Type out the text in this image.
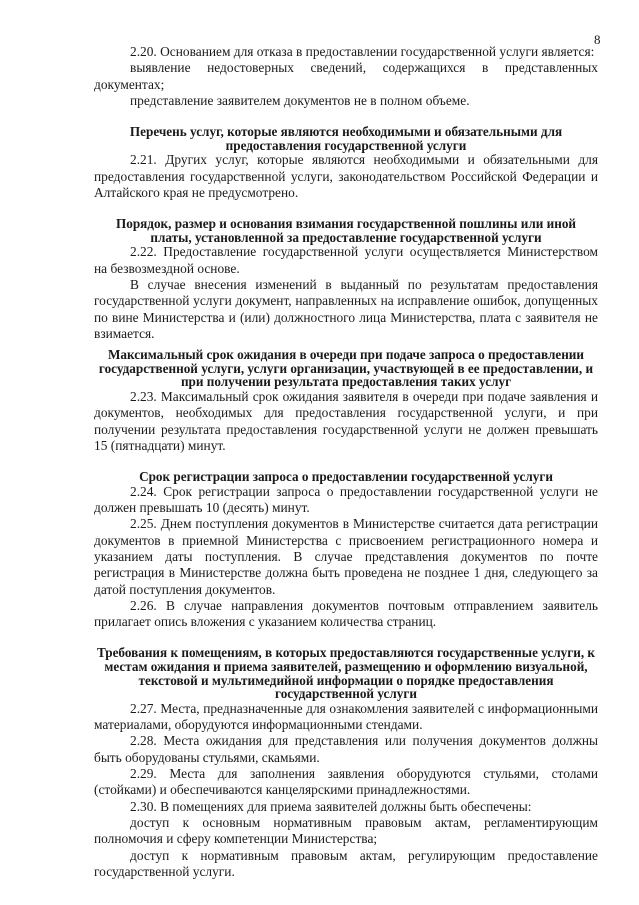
8

2.20. Основанием для отказа в предоставлении государственной услуги является:

выявление недостоверных сведений, содержащихся в представленных документах;

представление заявителем документов не в полном объеме.

Перечень услуг, которые являются необходимыми и обязательными для предоставления государственной услуги

2.21. Других услуг, которые являются необходимыми и обязательными для предоставления государственной услуги, законодательством Российской Федерации и Алтайского края не предусмотрено.

Порядок, размер и основания взимания государственной пошлины или иной платы, установленной за предоставление государственной услуги

2.22. Предоставление государственной услуги осуществляется Министерством на безвозмездной основе.

В случае внесения изменений в выданный по результатам предоставления государственной услуги документ, направленных на исправление ошибок, допущенных по вине Министерства и (или) должностного лица Министерства, плата с заявителя не взимается.

Максимальный срок ожидания в очереди при подаче запроса о предоставлении государственной услуги, услуги организации, участвующей в ее предоставлении, и при получении результата предоставления таких услуг

2.23. Максимальный срок ожидания заявителя в очереди при подаче заявления и документов, необходимых для предоставления государственной услуги, и при получении результата предоставления государственной услуги не должен превышать 15 (пятнадцати) минут.

Срок регистрации запроса о предоставлении государственной услуги

2.24. Срок регистрации запроса о предоставлении государственной услуги не должен превышать 10 (десять) минут.

2.25. Днем поступления документов в Министерстве считается дата регистрации документов в приемной Министерства с присвоением регистрационного номера и указанием даты поступления. В случае представления документов по почте регистрация в Министерстве должна быть проведена не позднее 1 дня, следующего за датой поступления документов.

2.26. В случае направления документов почтовым отправлением заявитель прилагает опись вложения с указанием количества страниц.

Требования к помещениям, в которых предоставляются государственные услуги, к местам ожидания и приема заявителей, размещению и оформлению визуальной, текстовой и мультимедийной информации о порядке предоставления государственной услуги

2.27. Места, предназначенные для ознакомления заявителей с информационными материалами, оборудуются информационными стендами.

2.28. Места ожидания для представления или получения документов должны быть оборудованы стульями, скамьями.

2.29. Места для заполнения заявления оборудуются стульями, столами (стойками) и обеспечиваются канцелярскими принадлежностями.

2.30. В помещениях для приема заявителей должны быть обеспечены:

доступ к основным нормативным правовым актам, регламентирующим полномочия и сферу компетенции Министерства;

доступ к нормативным правовым актам, регулирующим предоставление государственной услуги.
